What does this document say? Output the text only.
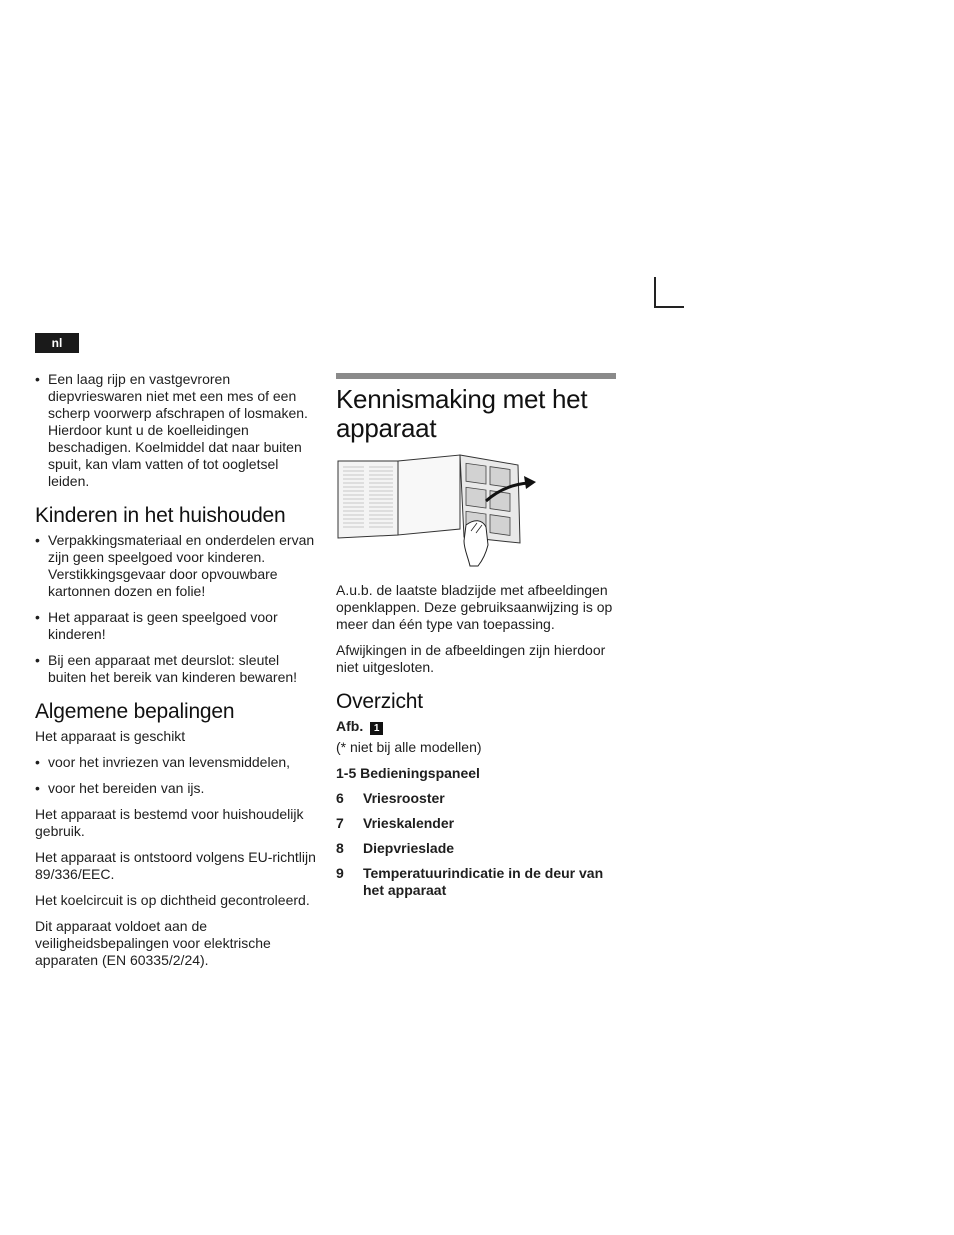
nl
• Een laag rijp en vastgevroren diepvrieswaren niet met een mes of een scherp voorwerp afschrapen of losmaken. Hierdoor kunt u de koelleidingen beschadigen. Koelmiddel dat naar buiten spuit, kan vlam vatten of tot oogletsel leiden.
Kinderen in het huishouden
• Verpakkingsmateriaal en onderdelen ervan zijn geen speelgoed voor kinderen. Verstikkingsgevaar door opvouwbare kartonnen dozen en folie!
• Het apparaat is geen speelgoed voor kinderen!
• Bij een apparaat met deurslot: sleutel buiten het bereik van kinderen bewaren!
Algemene bepalingen

Het apparaat is geschikt

• voor het invriezen van levensmiddelen,
• voor het bereiden van ijs.

Het apparaat is bestemd voor huishoudelijk gebruik.

Het apparaat is ontstoord volgens EU-richtlijn 89/336/EEC.

Het koelcircuit is op dichtheid gecontroleerd.

Dit apparaat voldoet aan de veiligheidsbepalingen voor elektrische apparaten (EN 60335/2/24).

Kennismaking met het apparaat

A.u.b. de laatste bladzijde met afbeeldingen openklappen. Deze gebruiksaanwijzing is op meer dan één type van toepassing.

Afwijkingen in de afbeeldingen zijn hierdoor niet uitgesloten.

Overzicht
Afb. 1

(* niet bij alle modellen)

1-5 Bedieningspaneel
6	Vriesrooster
7	Vrieskalender
8	Diepvrieslade
9	Temperatuurindicatie in de deur van het apparaat
